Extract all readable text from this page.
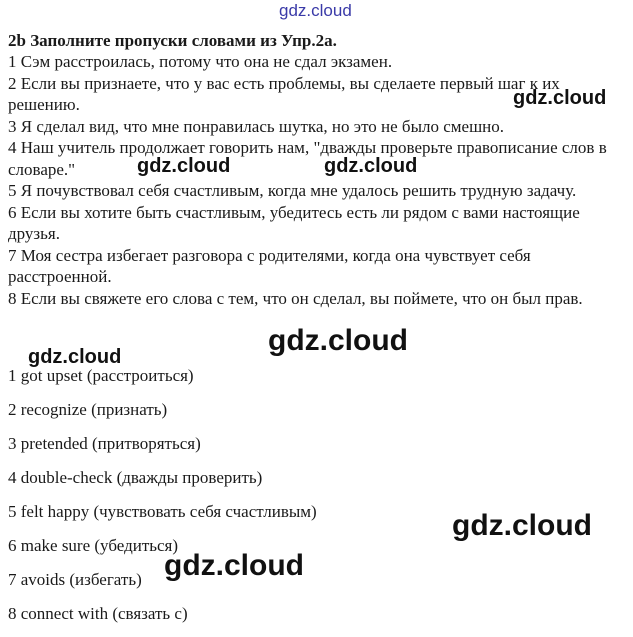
gdz.cloud

2b Заполните пропуски словами из Упр.2а.

1 Сэм расстроилась, потому что она не сдал экзамен.
2 Если вы признаете, что у вас есть проблемы, вы сделаете первый шаг к их решению.
3 Я сделал вид, что мне понравилась шутка, но это не было смешно.
4 Наш учитель продолжает говорить нам, "дважды проверьте правописание слов в словаре."
5 Я почувствовал себя счастливым, когда мне удалось решить трудную задачу.
6 Если вы хотите быть счастливым, убедитесь есть ли рядом с вами настоящие друзья.
7 Моя сестра избегает разговора с родителями, когда она чувствует себя расстроенной.
8 Если вы свяжете его слова с тем, что он сделал, вы поймете, что он был прав.
1 got upset (расстроиться)
2 recognize (признать)
3 pretended (притворяться)
4 double-check (дважды проверить)
5 felt happy (чувствовать себя счастливым)
6 make sure (убедиться)
7 avoids (избегать)
8 connect with (связать с)
gdz.cloud
gdz.cloud	gdz.cloud
gdz.cloud	gdz.cloud
gdz.cloud
gdz.cloud
